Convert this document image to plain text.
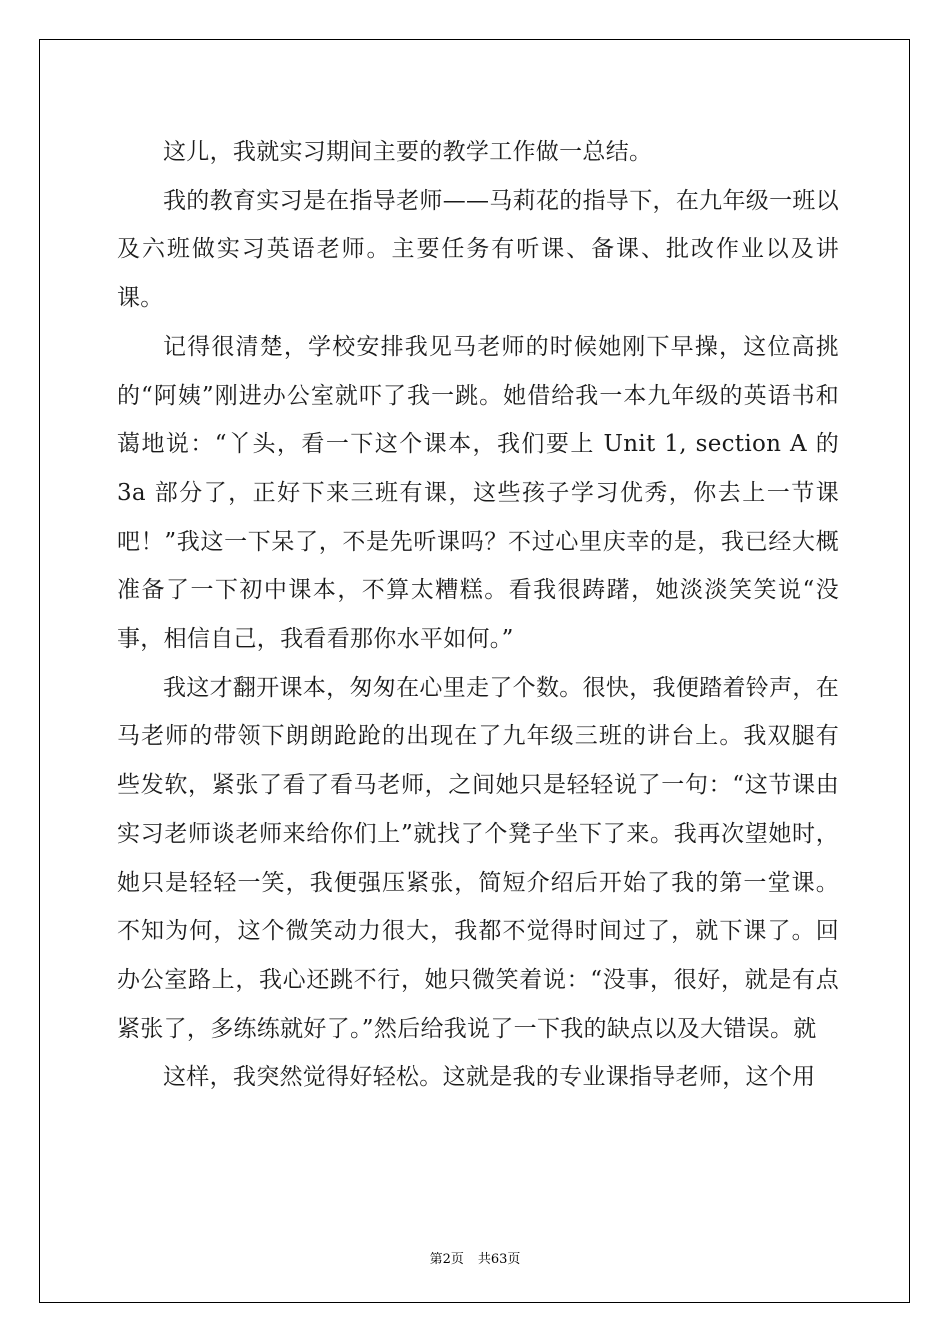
这儿，我就实习期间主要的教学工作做一总结。

我的教育实习是在指导老师——马莉花的指导下，在九年级一班以及六班做实习英语老师。主要任务有听课、备课、批改作业以及讲课。

记得很清楚，学校安排我见马老师的时候她刚下早操，这位高挑的“阿姨”刚进办公室就吓了我一跳。她借给我一本九年级的英语书和蔼地说：“丫头，看一下这个课本，我们要上 Unit 1, section A 的 3a 部分了，正好下来三班有课，这些孩子学习优秀，你去上一节课吧！”我这一下呆了，不是先听课吗？不过心里庆幸的是，我已经大概准备了一下初中课本，不算太糟糕。看我很踌躇，她淡淡笑笑说“没事，相信自己，我看看那你水平如何。”

我这才翻开课本，匆匆在心里走了个数。很快，我便踏着铃声，在马老师的带领下朗朗跄跄的出现在了九年级三班的讲台上。我双腿有些发软，紧张了看了看马老师，之间她只是轻轻说了一句：“这节课由实习老师谈老师来给你们上”就找了个凳子坐下了来。我再次望她时，她只是轻轻一笑，我便强压紧张，简短介绍后开始了我的第一堂课。不知为何，这个微笑动力很大，我都不觉得时间过了，就下课了。回办公室路上，我心还跳不行，她只微笑着说：“没事，很好，就是有点紧张了，多练练就好了。”然后给我说了一下我的缺点以及大错误。就

这样，我突然觉得好轻松。这就是我的专业课指导老师，这个用

第2页 共63页
